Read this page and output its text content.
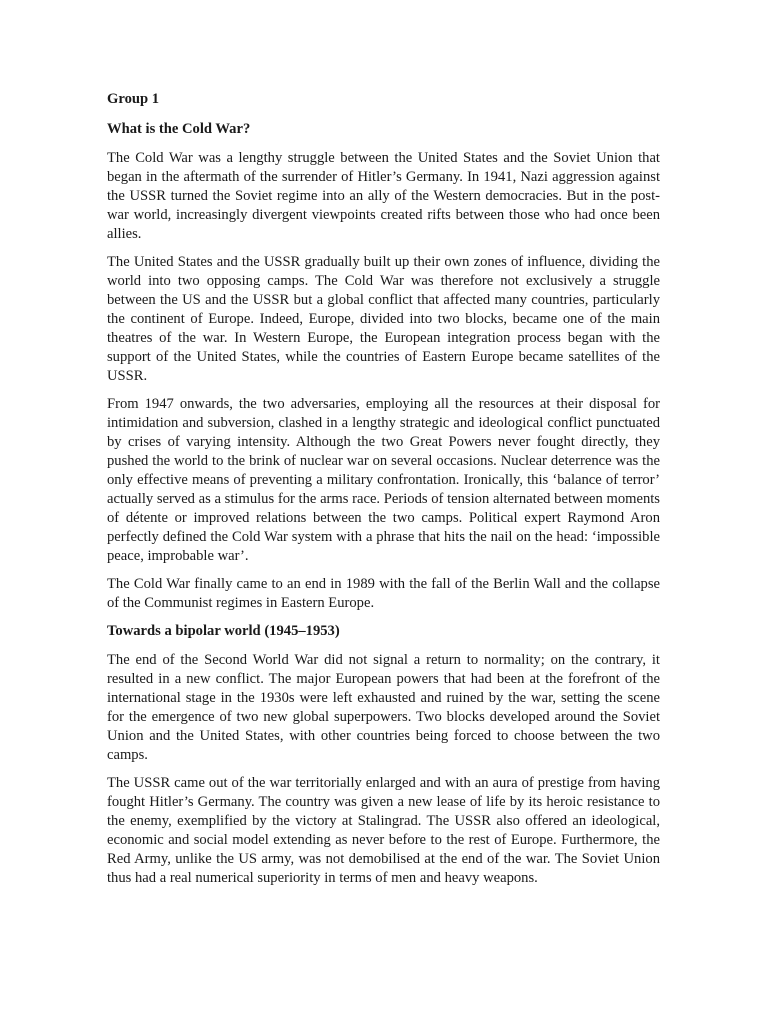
Group 1

What is the Cold War?

The Cold War was a lengthy struggle between the United States and the Soviet Union that began in the aftermath of the surrender of Hitler’s Germany. In 1941, Nazi aggression against the USSR turned the Soviet regime into an ally of the Western democracies. But in the post-war world, increasingly divergent viewpoints created rifts between those who had once been allies.

The United States and the USSR gradually built up their own zones of influence, dividing the world into two opposing camps. The Cold War was therefore not exclusively a struggle between the US and the USSR but a global conflict that affected many countries, particularly the continent of Europe. Indeed, Europe, divided into two blocks, became one of the main theatres of the war. In Western Europe, the European integration process began with the support of the United States, while the countries of Eastern Europe became satellites of the USSR.

From 1947 onwards, the two adversaries, employing all the resources at their disposal for intimidation and subversion, clashed in a lengthy strategic and ideological conflict punctuated by crises of varying intensity. Although the two Great Powers never fought directly, they pushed the world to the brink of nuclear war on several occasions. Nuclear deterrence was the only effective means of preventing a military confrontation. Ironically, this ‘balance of terror’ actually served as a stimulus for the arms race. Periods of tension alternated between moments of détente or improved relations between the two camps. Political expert Raymond Aron perfectly defined the Cold War system with a phrase that hits the nail on the head: ‘impossible peace, improbable war’.

The Cold War finally came to an end in 1989 with the fall of the Berlin Wall and the collapse of the Communist regimes in Eastern Europe.

Towards a bipolar world (1945–1953)

The end of the Second World War did not signal a return to normality; on the contrary, it resulted in a new conflict. The major European powers that had been at the forefront of the international stage in the 1930s were left exhausted and ruined by the war, setting the scene for the emergence of two new global superpowers. Two blocks developed around the Soviet Union and the United States, with other countries being forced to choose between the two camps.

The USSR came out of the war territorially enlarged and with an aura of prestige from having fought Hitler’s Germany. The country was given a new lease of life by its heroic resistance to the enemy, exemplified by the victory at Stalingrad. The USSR also offered an ideological, economic and social model extending as never before to the rest of Europe. Furthermore, the Red Army, unlike the US army, was not demobilised at the end of the war. The Soviet Union thus had a real numerical superiority in terms of men and heavy weapons.
